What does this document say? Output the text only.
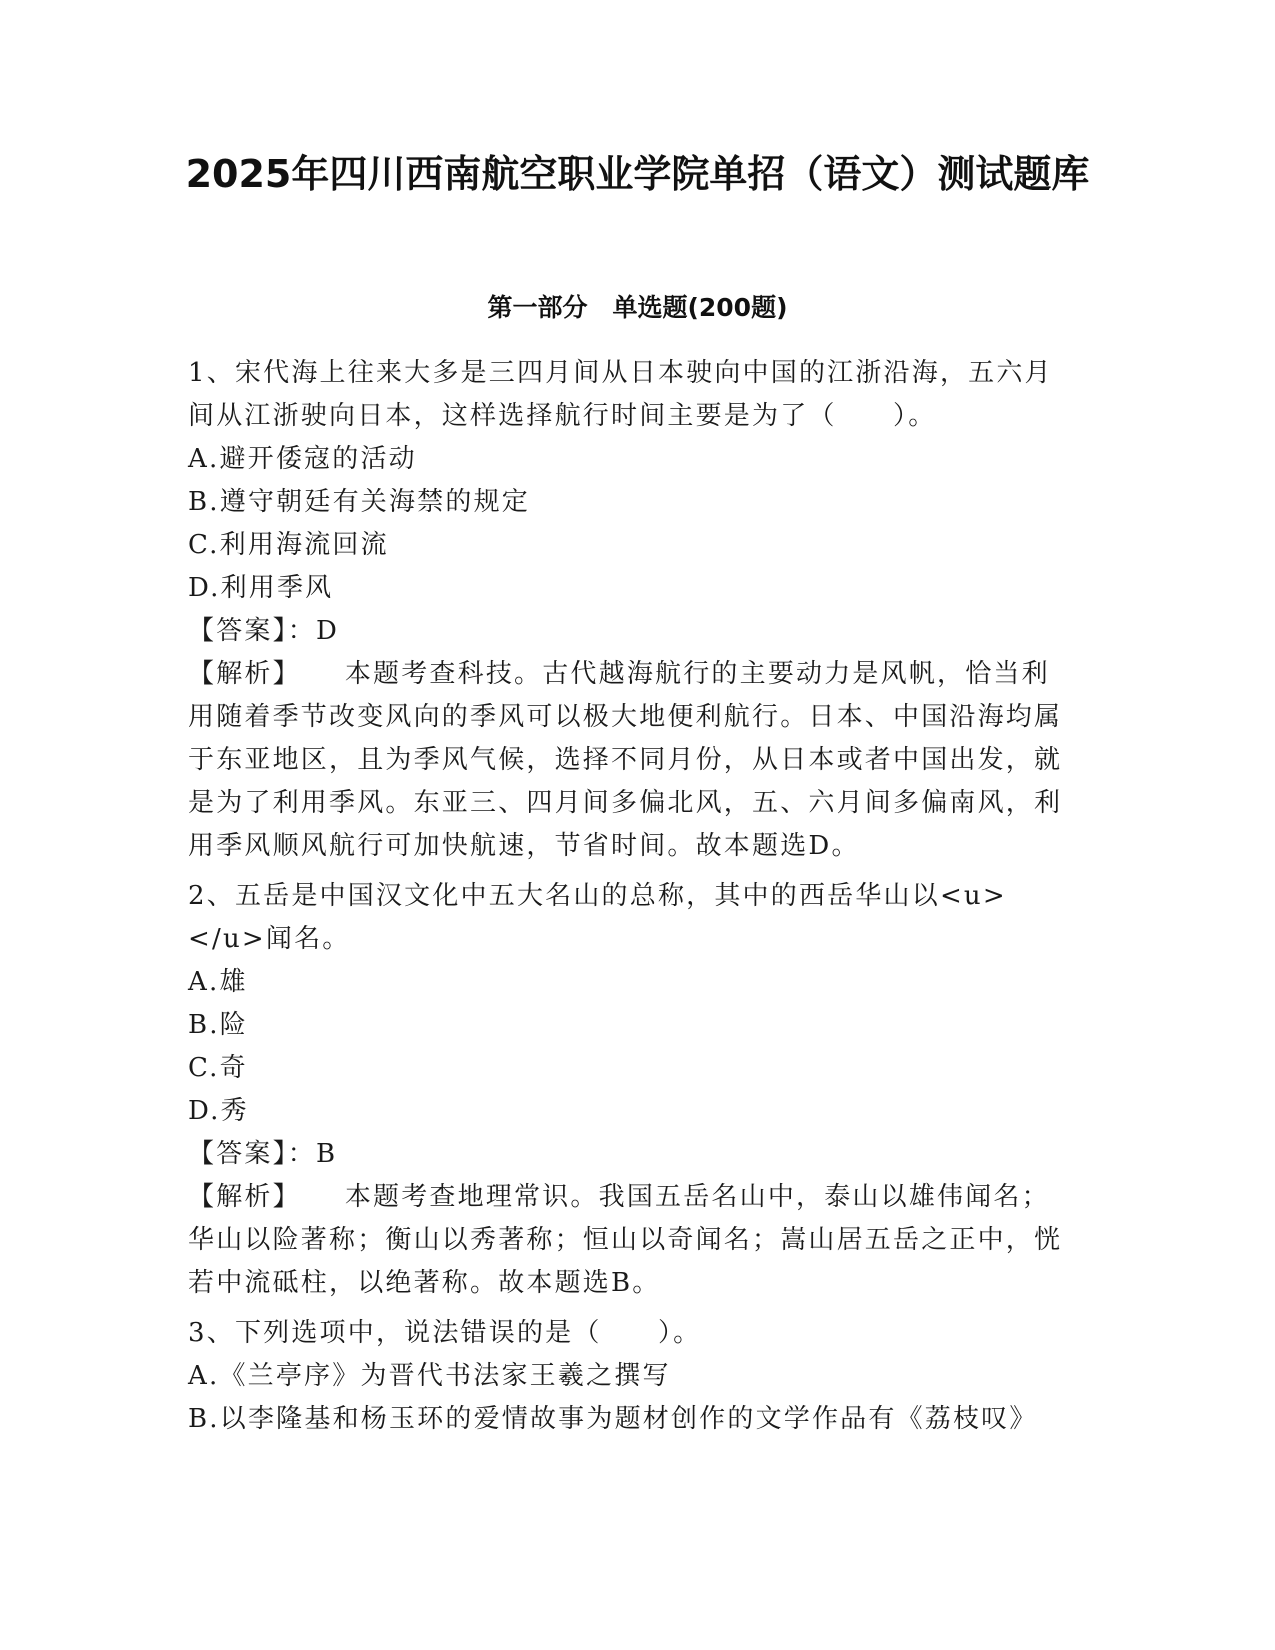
2025年四川西南航空职业学院单招（语文）测试题库
第一部分　单选题(200题)

1、宋代海上往来大多是三四月间从日本驶向中国的江浙沿海，五六月间从江浙驶向日本，这样选择航行时间主要是为了（　　）。

A.避开倭寇的活动

B.遵守朝廷有关海禁的规定

C.利用海流回流

D.利用季风

【答案】：D

【解析】 本题考查科技。古代越海航行的主要动力是风帆，恰当利用随着季节改变风向的季风可以极大地便利航行。日本、中国沿海均属于东亚地区，且为季风气候，选择不同月份，从日本或者中国出发，就是为了利用季风。东亚三、四月间多偏北风，五、六月间多偏南风，利用季风顺风航行可加快航速，节省时间。故本题选D。

2、五岳是中国汉文化中五大名山的总称，其中的西岳华山以<u></u>闻名。

A.雄

B.险

C.奇

D.秀

【答案】：B

【解析】 本题考查地理常识。我国五岳名山中，泰山以雄伟闻名；华山以险著称；衡山以秀著称；恒山以奇闻名；嵩山居五岳之正中，恍若中流砥柱，以绝著称。故本题选B。

3、下列选项中，说法错误的是（　　）。

A.《兰亭序》为晋代书法家王羲之撰写

B.以李隆基和杨玉环的爱情故事为题材创作的文学作品有《荔枝叹》
